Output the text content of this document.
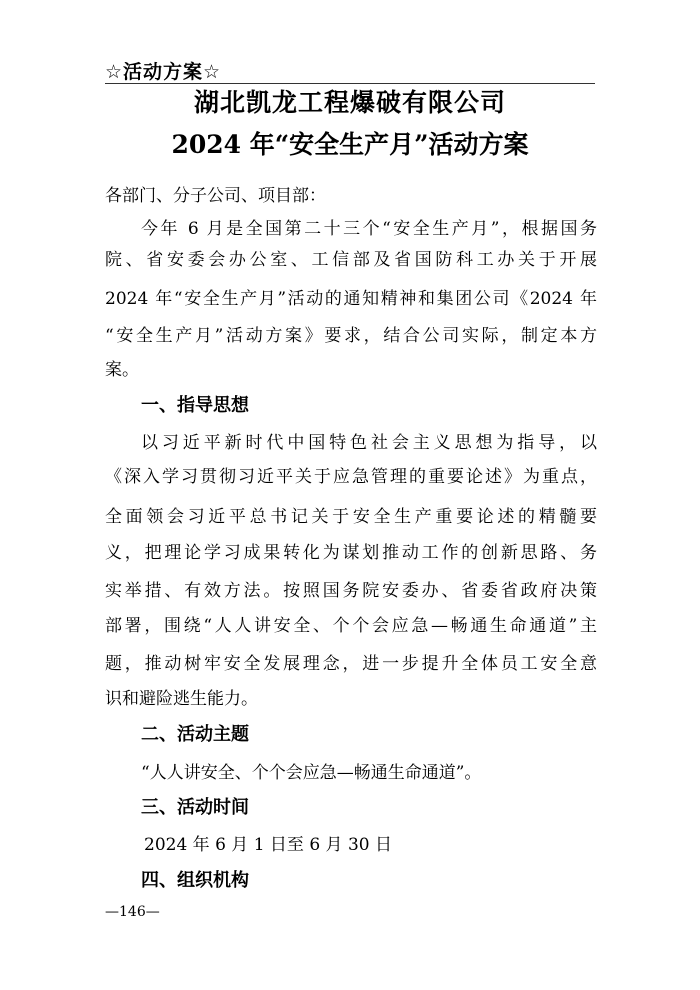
☆活动方案☆
湖北凯龙工程爆破有限公司
2024 年“安全生产月”活动方案
各部门、分子公司、项目部：
今年 6 月是全国第二十三个“安全生产月”，根据国务
院、省安委会办公室、工信部及省国防科工办关于开展
2024 年“安全生产月”活动的通知精神和集团公司《2024 年
“安全生产月”活动方案》要求，结合公司实际，制定本方
案。
一、指导思想
以习近平新时代中国特色社会主义思想为指导，以
《深入学习贯彻习近平关于应急管理的重要论述》为重点，
全面领会习近平总书记关于安全生产重要论述的精髓要
义，把理论学习成果转化为谋划推动工作的创新思路、务
实举措、有效方法。按照国务院安委办、省委省政府决策
部署，围绕“人人讲安全、个个会应急—畅通生命通道”主
题，推动树牢安全发展理念，进一步提升全体员工安全意
识和避险逃生能力。
二、活动主题
“人人讲安全、个个会应急—畅通生命通道”。
三、活动时间
2024 年 6 月 1 日至 6 月 30 日
四、组织机构
—146—
